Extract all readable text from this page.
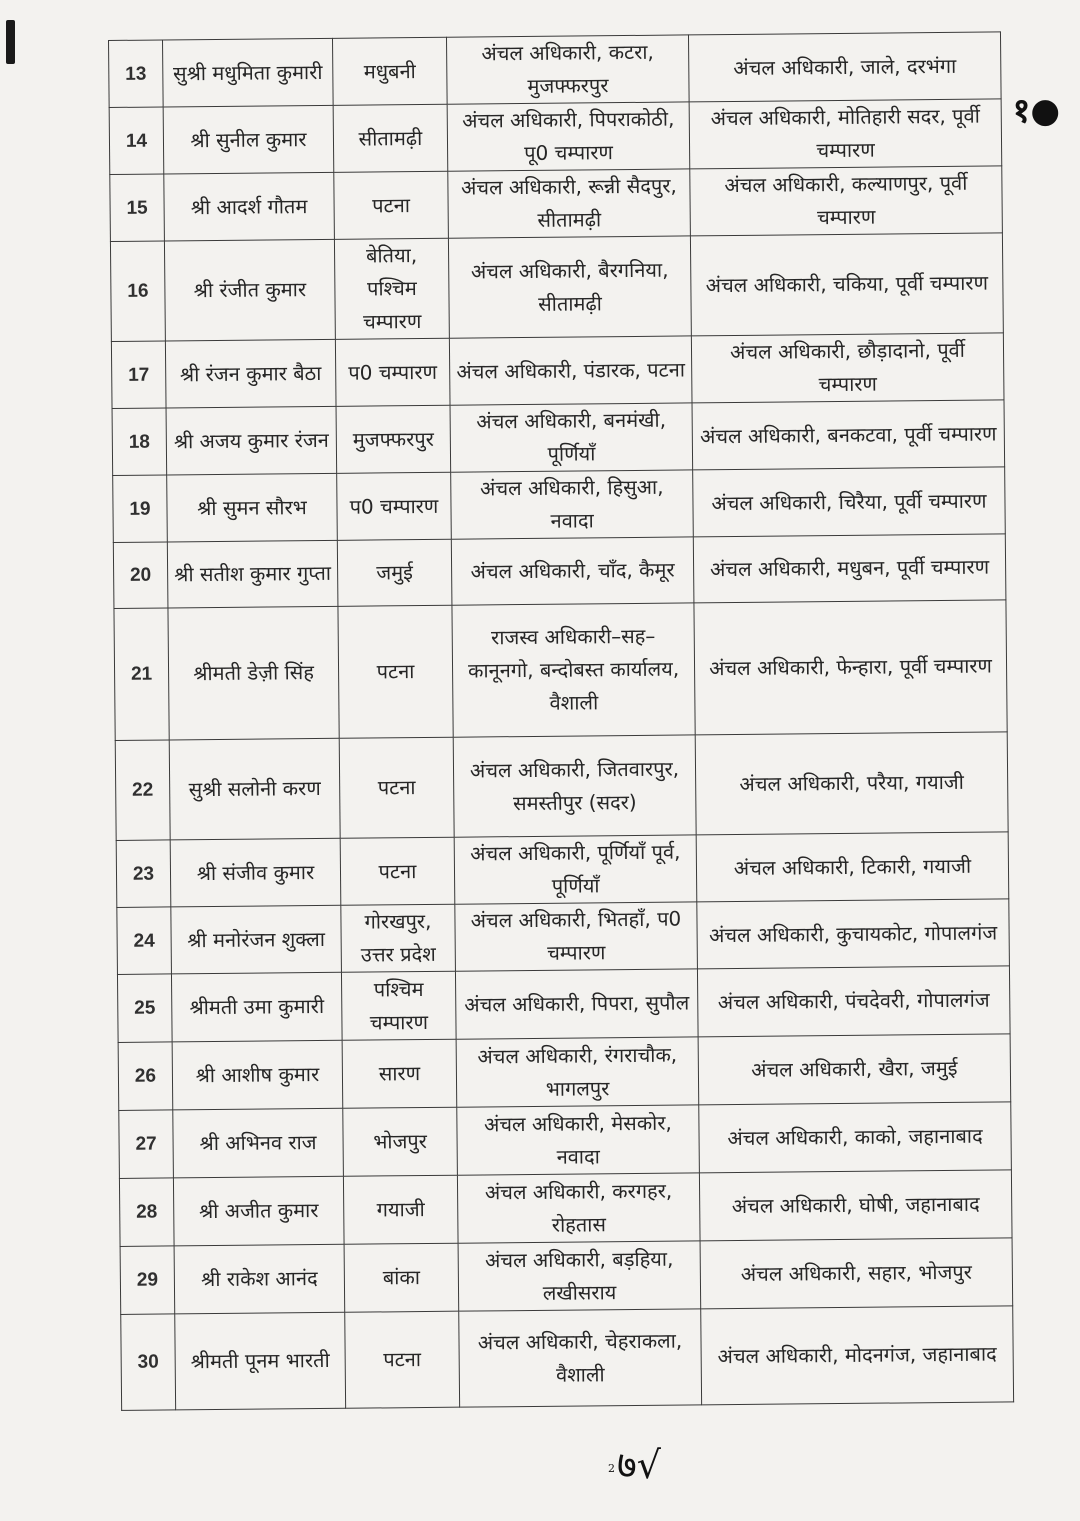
१●
13	सुश्री मधुमिता कुमारी	मधुबनी	अंचल अधिकारी, कटरा, मुजफ्फरपुर	अंचल अधिकारी, जाले, दरभंगा
14	श्री सुनील कुमार	सीतामढ़ी	अंचल अधिकारी, पिपराकोठी, पू0 चम्पारण	अंचल अधिकारी, मोतिहारी सदर, पूर्वी चम्पारण
15	श्री आदर्श गौतम	पटना	अंचल अधिकारी, रून्नी सैदपुर, सीतामढ़ी	अंचल अधिकारी, कल्याणपुर, पूर्वी चम्पारण
16	श्री रंजीत कुमार	बेतिया, पश्चिम चम्पारण	अंचल अधिकारी, बैरगनिया, सीतामढ़ी	अंचल अधिकारी, चकिया, पूर्वी चम्पारण
17	श्री रंजन कुमार बैठा	प0 चम्पारण	अंचल अधिकारी, पंडारक, पटना	अंचल अधिकारी, छौड़ादानो, पूर्वी चम्पारण
18	श्री अजय कुमार रंजन	मुजफ्फरपुर	अंचल अधिकारी, बनमंखी, पूर्णियाँ	अंचल अधिकारी, बनकटवा, पूर्वी चम्पारण
19	श्री सुमन सौरभ	प0 चम्पारण	अंचल अधिकारी, हिसुआ, नवादा	अंचल अधिकारी, चिरैया, पूर्वी चम्पारण
20	श्री सतीश कुमार गुप्ता	जमुई	अंचल अधिकारी, चाँद, कैमूर	अंचल अधिकारी, मधुबन, पूर्वी चम्पारण
21	श्रीमती डेज़ी सिंह	पटना	राजस्व अधिकारी–सह–कानूनगो, बन्दोबस्त कार्यालय, वैशाली	अंचल अधिकारी, फेन्हारा, पूर्वी चम्पारण
22	सुश्री सलोनी करण	पटना	अंचल अधिकारी, जितवारपुर, समस्तीपुर (सदर)	अंचल अधिकारी, परैया, गयाजी
23	श्री संजीव कुमार	पटना	अंचल अधिकारी, पूर्णियाँ पूर्व, पूर्णियाँ	अंचल अधिकारी, टिकारी, गयाजी
24	श्री मनोरंजन शुक्ला	गोरखपुर, उत्तर प्रदेश	अंचल अधिकारी, भितहाँ, प0 चम्पारण	अंचल अधिकारी, कुचायकोट, गोपालगंज
25	श्रीमती उमा कुमारी	पश्चिम चम्पारण	अंचल अधिकारी, पिपरा, सुपौल	अंचल अधिकारी, पंचदेवरी, गोपालगंज
26	श्री आशीष कुमार	सारण	अंचल अधिकारी, रंगराचौक, भागलपुर	अंचल अधिकारी, खैरा, जमुई
27	श्री अभिनव राज	भोजपुर	अंचल अधिकारी, मेसकोर, नवादा	अंचल अधिकारी, काको, जहानाबाद
28	श्री अजीत कुमार	गयाजी	अंचल अधिकारी, करगहर, रोहतास	अंचल अधिकारी, घोषी, जहानाबाद
29	श्री राकेश आनंद	बांका	अंचल अधिकारी, बड़हिया, लखीसराय	अंचल अधिकारी, सहार, भोजपुर
30	श्रीमती पूनम भारती	पटना	अंचल अधिकारी, चेहराकला, वैशाली	अंचल अधिकारी, मोदनगंज, जहानाबाद
2७√
